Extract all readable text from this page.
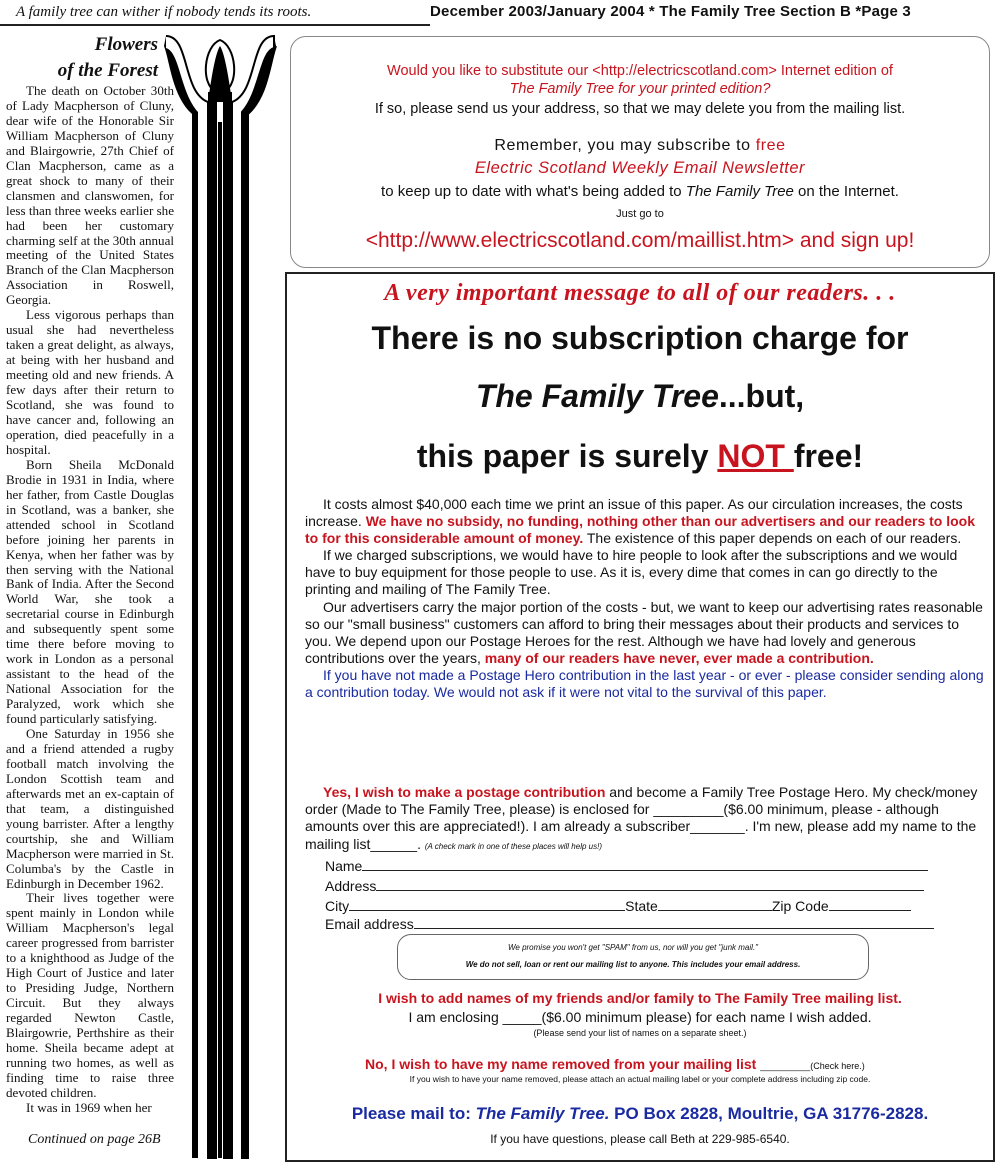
A family tree can wither if nobody tends its roots.	December 2003/January 2004 * The Family Tree Section B *Page 3
Flowers
of the Forest

The death on October 30th of Lady Macpherson of Cluny, dear wife of the Honorable Sir William Macpherson of Cluny and Blairgowrie, 27th Chief of Clan Macpherson, came as a great shock to many of their clansmen and clanswomen, for less than three weeks earlier she had been her customary charming self at the 30th annual meeting of the United States Branch of the Clan Macpherson Association in Roswell, Georgia.

Less vigorous perhaps than usual she had nevertheless taken a great delight, as always, at being with her husband and meeting old and new friends. A few days after their return to Scotland, she was found to have cancer and, following an operation, died peacefully in a hospital.

Born Sheila McDonald Brodie in 1931 in India, where her father, from Castle Douglas in Scotland, was a banker, she attended school in Scotland before joining her parents in Kenya, when her father was by then serving with the National Bank of India. After the Second World War, she took a secretarial course in Edinburgh and subsequently spent some time there before moving to work in London as a personal assistant to the head of the National Association for the Paralyzed, work which she found particularly satisfying.

One Saturday in 1956 she and a friend attended a rugby football match involving the London Scottish team and afterwards met an ex-captain of that team, a distinguished young barrister. After a lengthy courtship, she and William Macpherson were married in St. Columba's by the Castle in Edinburgh in December 1962.

Their lives together were spent mainly in London while William Macpherson's legal career progressed from barrister to a knighthood as Judge of the High Court of Justice and later to Presiding Judge, Northern Circuit. But they always regarded Newton Castle, Blairgowrie, Perthshire as their home. Sheila became adept at running two homes, as well as finding time to raise three devoted children.

It was in 1969 when her

Continued on page 26B
Would you like to substitute our <http://electricscotland.com> Internet edition of
The Family Tree for your printed edition?
If so, please send us your address, so that we may delete you from the mailing list.
Remember, you may subscribe to free
Electric Scotland Weekly Email Newsletter
to keep up to date with what's being added to The Family Tree on the Internet.
Just go to
<http://www.electricscotland.com/maillist.htm> and sign up!
A very important message to all of our readers. . .
There is no subscription charge for
The Family Tree...but,
this paper is surely NOT free!

It costs almost $40,000 each time we print an issue of this paper. As our circulation increases, the costs increase. We have no subsidy, no funding, nothing other than our advertisers and our readers to look to for this considerable amount of money. The existence of this paper depends on each of our readers.

If we charged subscriptions, we would have to hire people to look after the subscriptions and we would have to buy equipment for those people to use. As it is, every dime that comes in can go directly to the printing and mailing of The Family Tree.

Our advertisers carry the major portion of the costs - but, we want to keep our advertising rates reasonable so our "small business" customers can afford to bring their messages about their products and services to you. We depend upon our Postage Heroes for the rest. Although we have had lovely and generous contributions over the years, many of our readers have never, ever made a contribution.

If you have not made a Postage Hero contribution in the last year - or ever - please consider sending along a contribution today. We would not ask if it were not vital to the survival of this paper.

Yes, I wish to make a postage contribution and become a Family Tree Postage Hero. My check/money order (Made to The Family Tree, please) is enclosed for _________($6.00 minimum, please - although amounts over this are appreciated!). I am already a subscriber_______. I'm new, please add my name to the mailing list______. (A check mark in one of these places will help us!)
Name
Address
City	State	Zip Code
Email address
We promise you won't get "SPAM" from us, nor will you get "junk mail."
We do not sell, loan or rent our mailing list to anyone. This includes your email address.
I wish to add names of my friends and/or family to The Family Tree mailing list.
I am enclosing _____($6.00 minimum please) for each name I wish added.
(Please send your list of names on a separate sheet.)
No, I wish to have my name removed from your mailing list __________(Check here.)
If you wish to have your name removed, please attach an actual mailing label or your complete address including zip code.
Please mail to: The Family Tree. PO Box 2828, Moultrie, GA 31776-2828.
If you have questions, please call Beth at 229-985-6540.
